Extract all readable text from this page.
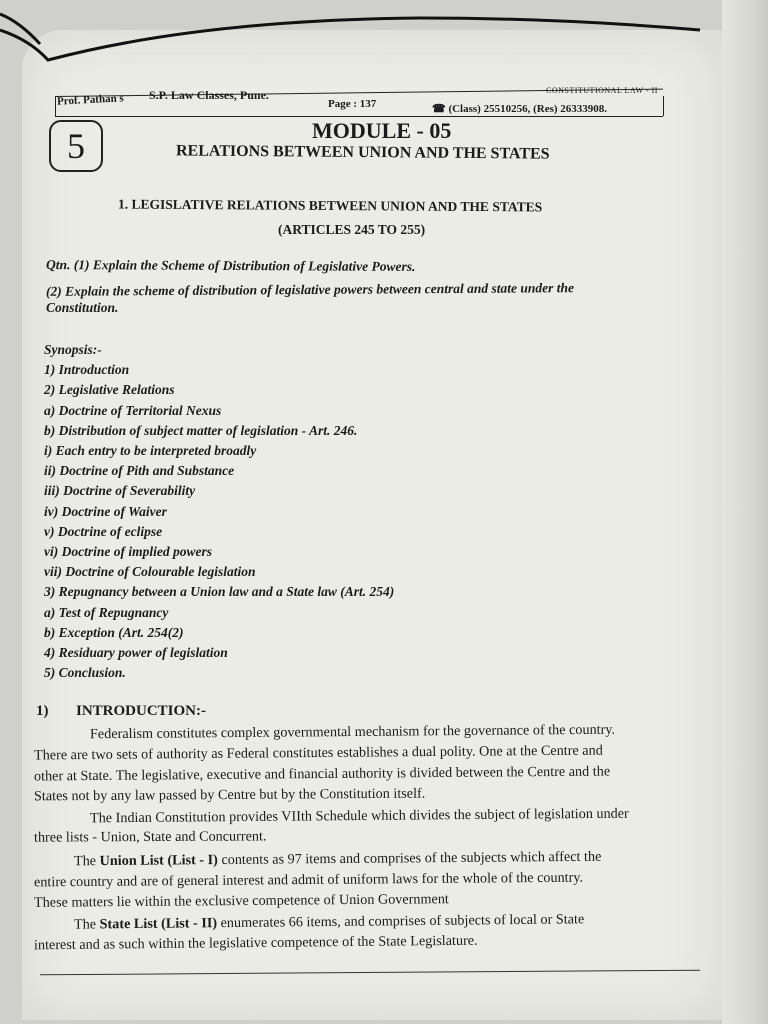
CONSTITUTIONAL LAW - II
Prof. Pathan s S.P. Law Classes, Pune.
Page : 137	☎ (Class) 25510256, (Res) 26333908.
5	MODULE - 05
RELATIONS BETWEEN UNION AND THE STATES
1. LEGISLATIVE RELATIONS BETWEEN UNION AND THE STATES
(ARTICLES 245 TO 255)
Qtn. (1) Explain the Scheme of Distribution of Legislative Powers.
(2) Explain the scheme of distribution of legislative powers between central and state under the
Constitution.
Synopsis:-
1) Introduction
2) Legislative Relations
a) Doctrine of Territorial Nexus
b) Distribution of subject matter of legislation - Art. 246.
i) Each entry to be interpreted broadly
ii) Doctrine of Pith and Substance
iii) Doctrine of Severability
iv) Doctrine of Waiver
v) Doctrine of eclipse
vi) Doctrine of implied powers
vii) Doctrine of Colourable legislation
3) Repugnancy between a Union law and a State law (Art. 254)
a) Test of Repugnancy
b) Exception (Art. 254(2)
4) Residuary power of legislation
5) Conclusion.
1) INTRODUCTION:-
Federalism constitutes complex governmental mechanism for the governance of the country.
There are two sets of authority as Federal constitutes establishes a dual polity. One at the Centre and
other at State. The legislative, executive and financial authority is divided between the Centre and the
States not by any law passed by Centre but by the Constitution itself.
The Indian Constitution provides VIIth Schedule which divides the subject of legislation under
three lists - Union, State and Concurrent.
The Union List (List - I) contents as 97 items and comprises of the subjects which affect the
entire country and are of general interest and admit of uniform laws for the whole of the country.
These matters lie within the exclusive competence of Union Government
The State List (List - II) enumerates 66 items, and comprises of subjects of local or State
interest and as such within the legislative competence of the State Legislature.
